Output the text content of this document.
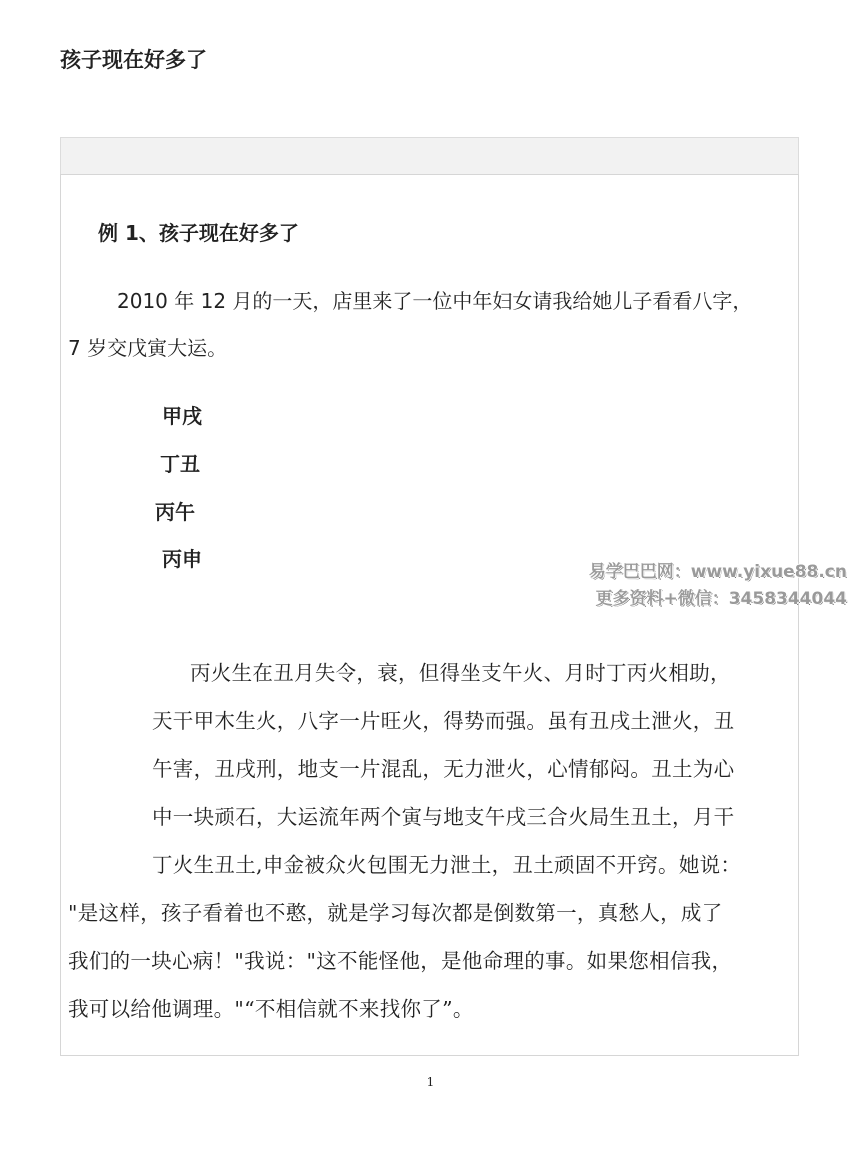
孩子现在好多了
例 1、孩子现在好多了
2010 年 12 月的一天，店里来了一位中年妇女请我给她儿子看看八字，
7 岁交戊寅大运。
甲戌
丁丑
丙午
丙申
丙火生在丑月失令，衰，但得坐支午火、月时丁丙火相助，
天干甲木生火，八字一片旺火，得势而强。虽有丑戌土泄火，丑
午害，丑戌刑，地支一片混乱，无力泄火，心情郁闷。丑土为心
中一块顽石，大运流年两个寅与地支午戌三合火局生丑土，月干
丁火生丑土,申金被众火包围无力泄土，丑土顽固不开窍。她说：
"是这样，孩子看着也不憨，就是学习每次都是倒数第一，真愁人，成了
我们的一块心病！"我说："这不能怪他，是他命理的事。如果您相信我，
我可以给他调理。"“不相信就不来找你了”。
易学巴巴网：www.yixue88.cn
更多资料+微信：3458344044
1
